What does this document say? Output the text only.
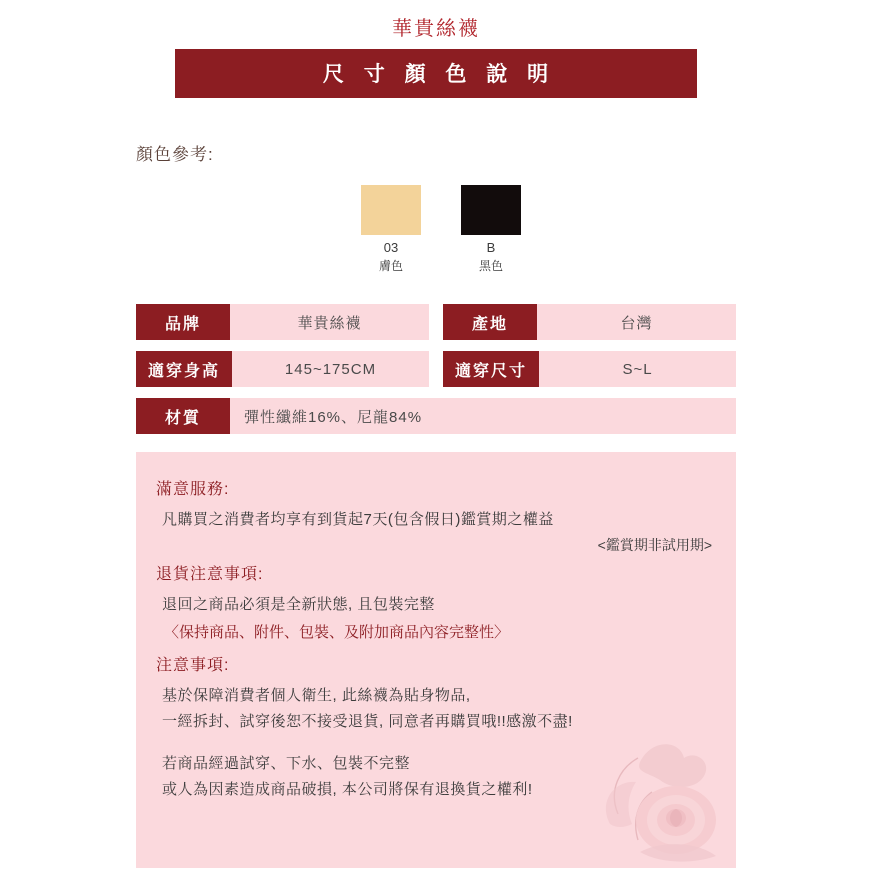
華貴絲襪
尺 寸 顏 色 說 明
顏色參考:
03
膚色
B
黑色
品牌	華貴絲襪	產地	台灣
適穿身高	145~175CM	適穿尺寸	S~L
材質	彈性纖維16%、尼龍84%
滿意服務:
凡購買之消費者均享有到貨起7天(包含假日)鑑賞期之權益
<鑑賞期非試用期>
退貨注意事項:
退回之商品必須是全新狀態, 且包裝完整
〈保持商品、附件、包裝、及附加商品內容完整性〉
注意事項:
基於保障消費者個人衛生, 此絲襪為貼身物品,
一經拆封、試穿後恕不接受退貨, 同意者再購買哦!!感激不盡!
若商品經過試穿、下水、包裝不完整
或人為因素造成商品破損, 本公司將保有退換貨之權利!
